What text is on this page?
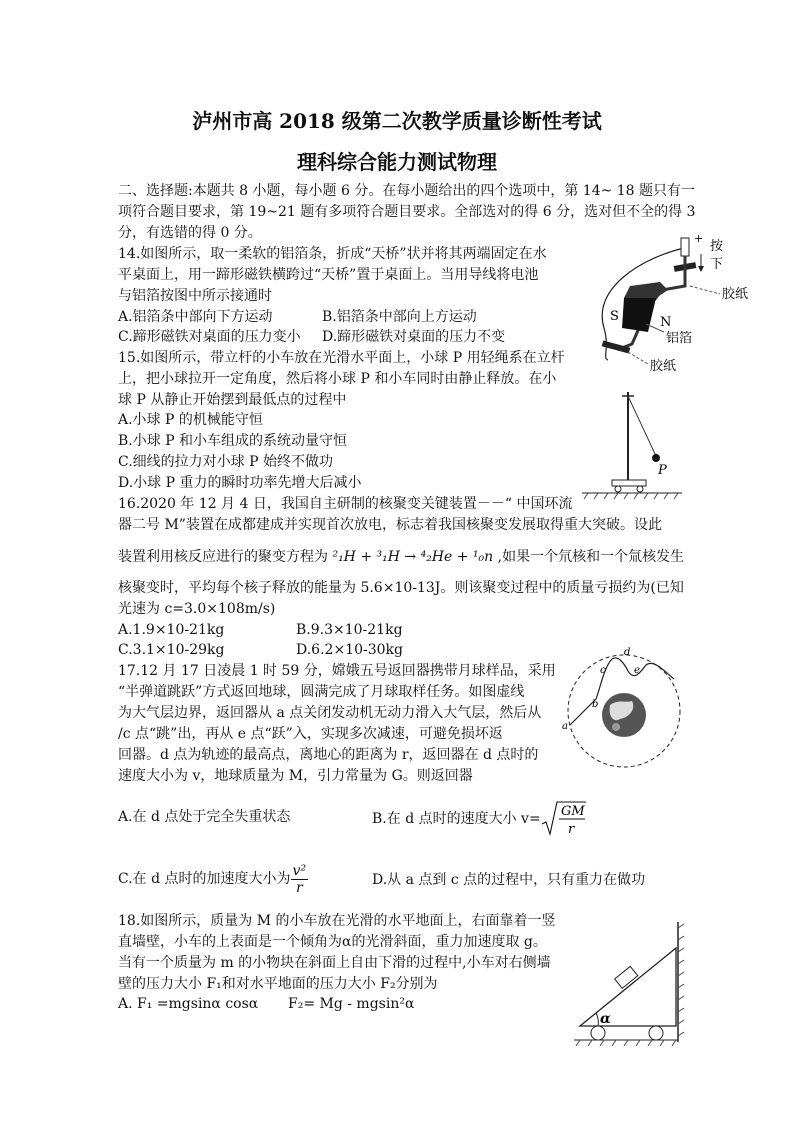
泸州市高 2018 级第二次教学质量诊断性考试
理科综合能力测试物理
二、选择题:本题共 8 小题，每小题 6 分。在每小题给出的四个选项中，第 14~ 18 题只有一
项符合题目要求，第 19~21 题有多项符合题目要求。全部选对的得 6 分，选对但不全的得 3
分，有选错的得 0 分。
14.如图所示，取一柔软的铝箔条，折成“天桥”状并将其两端固定在水
平桌面上，用一蹄形磁铁横跨过“天桥”置于桌面上。当用导线将电池
与铝箔按图中所示接通时
A.铝箔条中部向下方运动	B.铝箔条中部向上方运动
C.蹄形磁铁对桌面的压力变小 D.蹄形磁铁对桌面的压力不变
+
按
下
胶纸
S	N
铝箔
胶纸
15.如图所示，带立杆的小车放在光滑水平面上，小球 P 用轻绳系在立杆
上，把小球拉开一定角度，然后将小球 P 和小车同时由静止释放。在小
球 P 从静止开始摆到最低点的过程中
A.小球 P 的机械能守恒
B.小球 P 和小车组成的系统动量守恒
C.细线的拉力对小球 P 始终不做功
D.小球 P 重力的瞬时功率先增大后减小
P
16.2020 年 12 月 4 日，我国自主研制的核聚变关键装置－－“ 中国环流
器二号 M”装置在成都建成并实现首次放电，标志着我国核聚变发展取得重大突破。设此
装置利用核反应进行的聚变方程为 ²₁H + ³₁H → ⁴₂He + ¹₀n ,如果一个氘核和一个氚核发生
核聚变时，平均每个核子释放的能量为 5.6×10-13J。则该聚变过程中的质量亏损约为(已知
光速为 c=3.0×108m/s)
A.1.9×10-21kg	B.9.3×10-21kg
C.3.1×10-29kg	D.6.2×10-30kg
17.12 月 17 日凌晨 1 时 59 分，嫦娥五号返回器携带月球样品，采用
“半弹道跳跃”方式返回地球，圆满完成了月球取样任务。如图虚线
为大气层边界，返回器从 a 点关闭发动机无动力滑入大气层，然后从
/c 点“跳”出，再从 e 点“跃”入，实现多次减速，可避免损坏返
回器。d 点为轨迹的最高点，离地心的距离为 r，返回器在 d 点时的
速度大小为 v，地球质量为 M，引力常量为 G。则返回器
a
b
c
d
e
A.在 d 点处于完全失重状态	B.在 d 点时的速度大小 v= GM
r
C.在 d 点时的加速度大小为 $\frac{\text{v²}}{r}$	D.从 a 点到 c 点的过程中，只有重力在做功
18.如图所示，质量为 M 的小车放在光滑的水平地面上，右面靠着一竖
直墙壁，小车的上表面是一个倾角为α的光滑斜面，重力加速度取 g。
当有一个质量为 m 的小物块在斜面上自由下滑的过程中,小车对右侧墙
壁的压力大小 F₁和对水平地面的压力大小 F₂分别为
A. F₁ =mgsinα cosα F₂= Mg - mgsin²α
α
